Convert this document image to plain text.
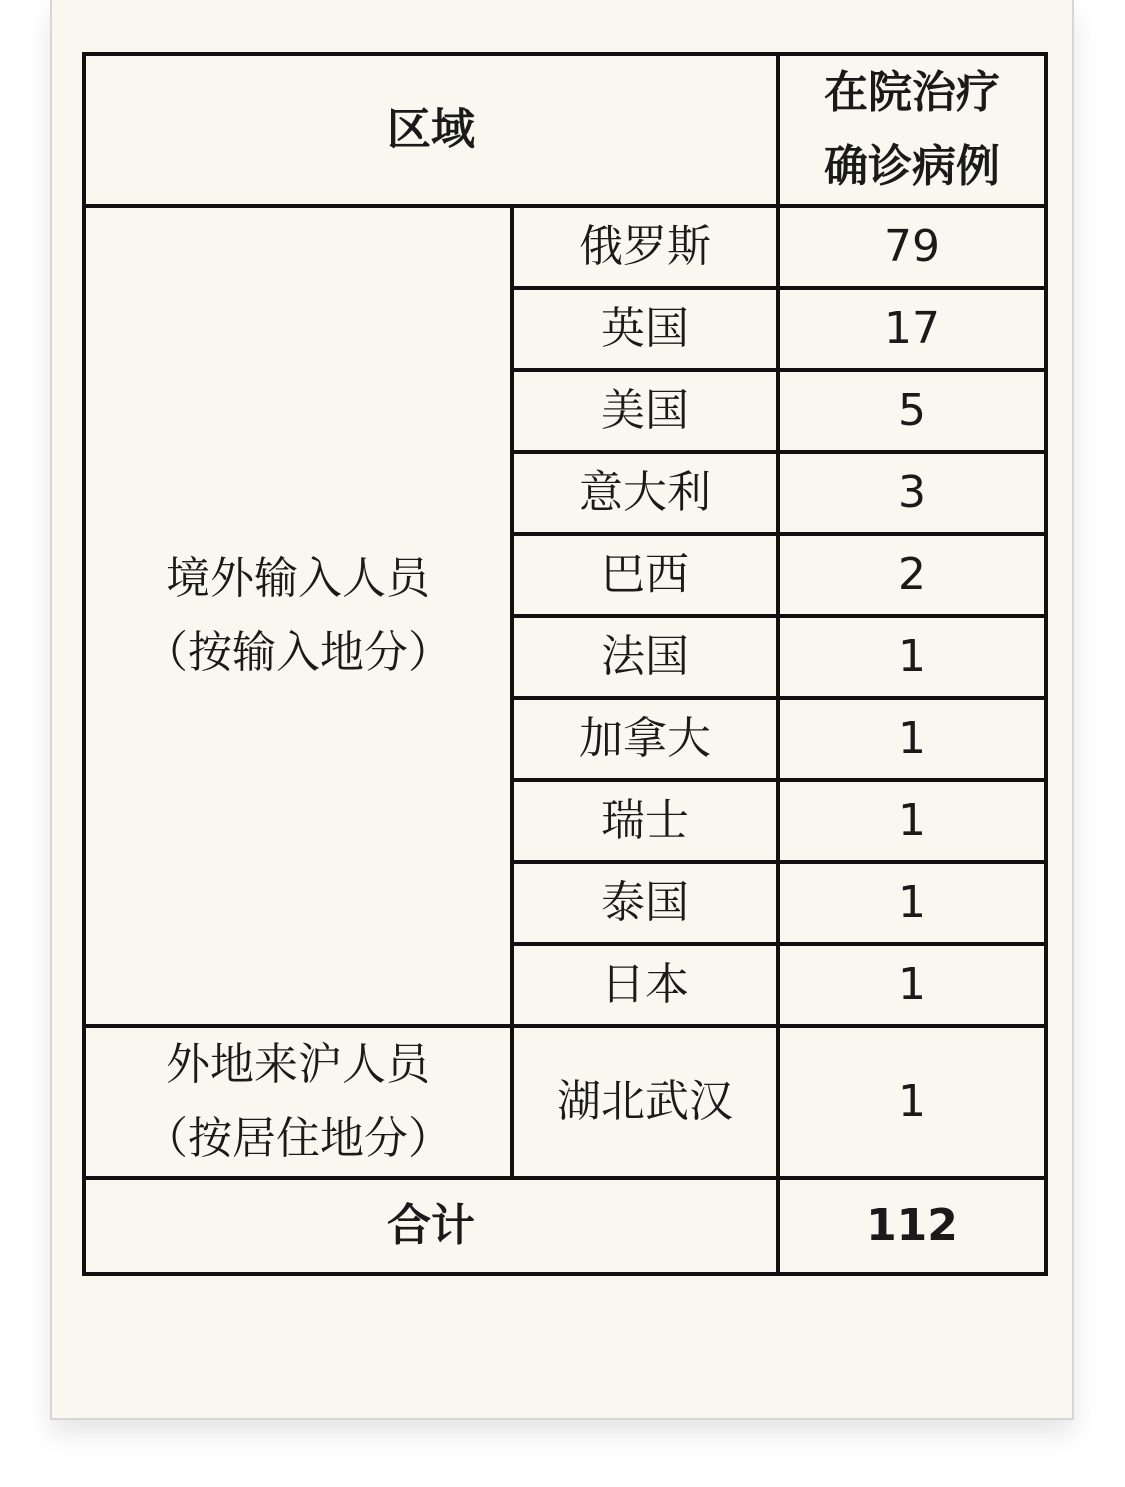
区域		在院治疗
确诊病例

境外输入人员
（按输入地分）	俄罗斯	79
	英国	17
	美国	5
	意大利	3
	巴西	2
	法国	1
	加拿大	1
	瑞士	1
	泰国	1
	日本	1

外地来沪人员
（按居住地分）	湖北武汉	1
合计		112
